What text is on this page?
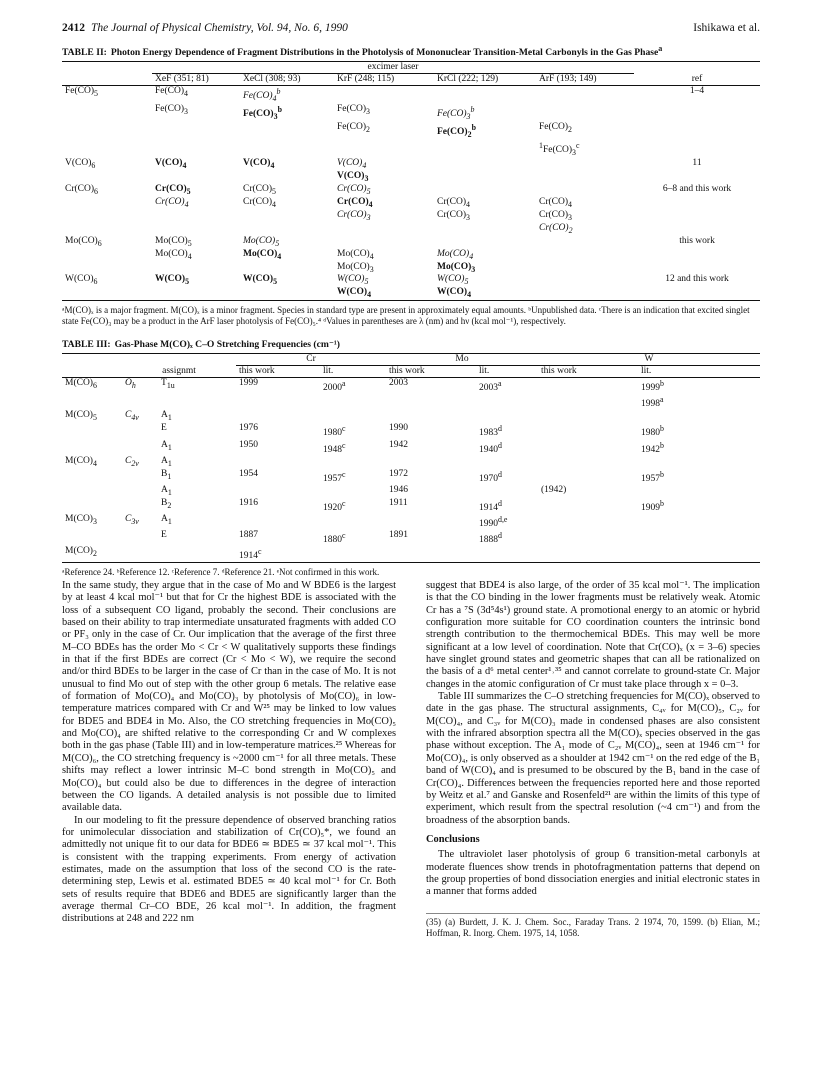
2412 The Journal of Physical Chemistry, Vol. 94, No. 6, 1990	Ishikawa et al.
TABLE II: Photon Energy Dependence of Fragment Distributions in the Photolysis of Mononuclear Transition-Metal Carbonyls in the Gas Phase$^a$
	excimer laser					
	XeF (351; 81)	XeCl (308; 93)	KrF (248; 115)	KrCl (222; 129)	ArF (193; 149)	ref
$Fe(CO)_5$	$Fe(CO)_4$	$Fe(CO)_4^b$				1–4
	$Fe(CO)_3$	$Fe(CO)_3^b$	$Fe(CO)_3$	$Fe(CO)_3^b$		
			$Fe(CO)_2$	$Fe(CO)_2^b$	$Fe(CO)_2$	
					$^1Fe(CO)_3^c$	
$V(CO)_6$	$V(CO)_4$	$V(CO)_4$	$V(CO)_4$			11
			$V(CO)_3$			
$Cr(CO)_6$	$Cr(CO)_5$	$Cr(CO)_5$	$Cr(CO)_5$			6–8 and this work
	$Cr(CO)_4$	$Cr(CO)_4$	$Cr(CO)_4$	$Cr(CO)_4$	$Cr(CO)_4$	
			$Cr(CO)_3$	$Cr(CO)_3$	$Cr(CO)_3$	
					$Cr(CO)_2$	
$Mo(CO)_6$	$Mo(CO)_5$	$Mo(CO)_5$				this work
	$Mo(CO)_4$	$Mo(CO)_4$	$Mo(CO)_4$	$Mo(CO)_4$		
			$Mo(CO)_3$	$Mo(CO)_3$		
$W(CO)_6$	$W(CO)_5$	$W(CO)_5$	$W(CO)_5$	$W(CO)_5$		12 and this work
			$W(CO)_4$	$W(CO)_4$		
ᵃM(CO)ₓ is a major fragment. M(CO)ₓ is a minor fragment. Species in standard type are present in approximately equal amounts. ᵇUnpublished data. ᶜThere is an indication that excited singlet state Fe(CO)₃ may be a product in the ArF laser photolysis of Fe(CO)₅.⁴ ᵈValues in parentheses are λ (nm) and hν (kcal mol⁻¹), respectively.
TABLE III: Gas-Phase M(CO)ₓ C–O Stretching Frequencies (cm⁻¹)
			Cr		Mo		W	
	assignmt		this work	lit.	this work	lit.	this work	lit.
$M(CO)_6$	$O_h$	$T_{1u}$	1999	2000$^a$	2003	2003$^a$		1999$^b$
								1998$^a$
$M(CO)_5$	$C_{4v}$	$A_1$						
		E	1976	1980$^c$	1990	1983$^d$		1980$^b$
		$A_1$	1950	1948$^c$	1942	1940$^d$		1942$^b$
$M(CO)_4$	$C_{2v}$	$A_1$						
		$B_1$	1954	1957$^c$	1972	1970$^d$		1957$^b$
		$A_1$			1946		(1942)	
		$B_2$	1916	1920$^c$	1911	1914$^d$		1909$^b$
$M(CO)_3$	$C_{3v}$	$A_1$				1990$^{d,e}$		
		E	1887	1880$^c$	1891	1888$^d$		
$M(CO)_2$			1914$^c$					
ᵃReference 24. ᵇReference 12. ᶜReference 7. ᵈReference 21. ᵉNot confirmed in this work.

In the same study, they argue that in the case of Mo and W BDE6 is the largest by at least 4 kcal mol⁻¹ but that for Cr the highest BDE is associated with the loss of a subsequent CO ligand, probably the second. Their conclusions are based on their ability to trap intermediate unsaturated fragments with added CO or PF₃ only in the case of Cr. Our implication that the average of the first three M–CO BDEs has the order Mo < Cr < W qualitatively supports these findings in that if the first BDEs are correct (Cr < Mo < W), we require the second and/or third BDEs to be larger in the case of Cr than in the case of Mo. It is not unusual to find Mo out of step with the other group 6 metals. The relative ease of formation of Mo(CO)₄ and Mo(CO)₃ by photolysis of Mo(CO)₆ in low-temperature matrices compared with Cr and W²⁵ may be linked to low values for BDE5 and BDE4 in Mo. Also, the CO stretching frequencies in Mo(CO)₅ and Mo(CO)₄ are shifted relative to the corresponding Cr and W complexes both in the gas phase (Table III) and in low-temperature matrices.²⁵ Whereas for M(CO)₆, the CO stretching frequency is ~2000 cm⁻¹ for all three metals. These shifts may reflect a lower intrinsic M–C bond strength in Mo(CO)₅ and Mo(CO)₄ but could also be due to differences in the degree of interaction between the CO ligands. A detailed analysis is not possible due to limited available data.

In our modeling to fit the pressure dependence of observed branching ratios for unimolecular dissociation and stabilization of Cr(CO)₅*, we found an admittedly not unique fit to our data for BDE6 ≃ BDE5 ≃ 37 kcal mol⁻¹. This is consistent with the trapping experiments. From energy of activation estimates, made on the assumption that loss of the second CO is the rate-determining step, Lewis et al. estimated BDE5 ≃ 40 kcal mol⁻¹ for Cr. Both sets of results require that BDE6 and BDE5 are significantly larger than the average thermal Cr–CO BDE, 26 kcal mol⁻¹. In addition, the fragment distributions at 248 and 222 nm

suggest that BDE4 is also large, of the order of 35 kcal mol⁻¹. The implication is that the CO binding in the lower fragments must be relatively weak. Atomic Cr has a ⁷S (3d⁵4s¹) ground state. A promotional energy to an atomic or hybrid configuration more suitable for CO coordination counters the intrinsic bond strength contribution to the thermochemical BDEs. This may well be more significant at a low level of coordination. Note that Cr(CO)ₓ (x = 3–6) species have singlet ground states and geometric shapes that can all be rationalized on the basis of a d⁶ metal center¹˒³⁵ and cannot correlate to ground-state Cr. Major changes in the atomic configuration of Cr must take place through x = 0–3.

Table III summarizes the C–O stretching frequencies for M(CO)ₓ observed to date in the gas phase. The structural assignments, C₄ᵥ for M(CO)₅, C₂ᵥ for M(CO)₄, and C₃ᵥ for M(CO)₃ made in condensed phases are also consistent with the infrared absorption spectra all the M(CO)ₓ species observed in the gas phase without exception. The A₁ mode of C₂ᵥ M(CO)₄, seen at 1946 cm⁻¹ for Mo(CO)₄, is only observed as a shoulder at 1942 cm⁻¹ on the red edge of the B₁ band of W(CO)₄ and is presumed to be obscured by the B₁ band in the case of Cr(CO)₄. Differences between the frequencies reported here and those reported by Weitz et al.⁷ and Ganske and Rosenfeld²¹ are within the limits of this type of experiment, which result from the spectral resolution (~4 cm⁻¹) and from the broadness of the absorption bands.

Conclusions

The ultraviolet laser photolysis of group 6 transition-metal carbonyls at moderate fluences show trends in photofragmentation patterns that depend on the group properties of bond dissociation energies and initial electronic states in a manner that forms added

(35) (a) Burdett, J. K. J. Chem. Soc., Faraday Trans. 2 1974, 70, 1599. (b) Elian, M.; Hoffman, R. Inorg. Chem. 1975, 14, 1058.
